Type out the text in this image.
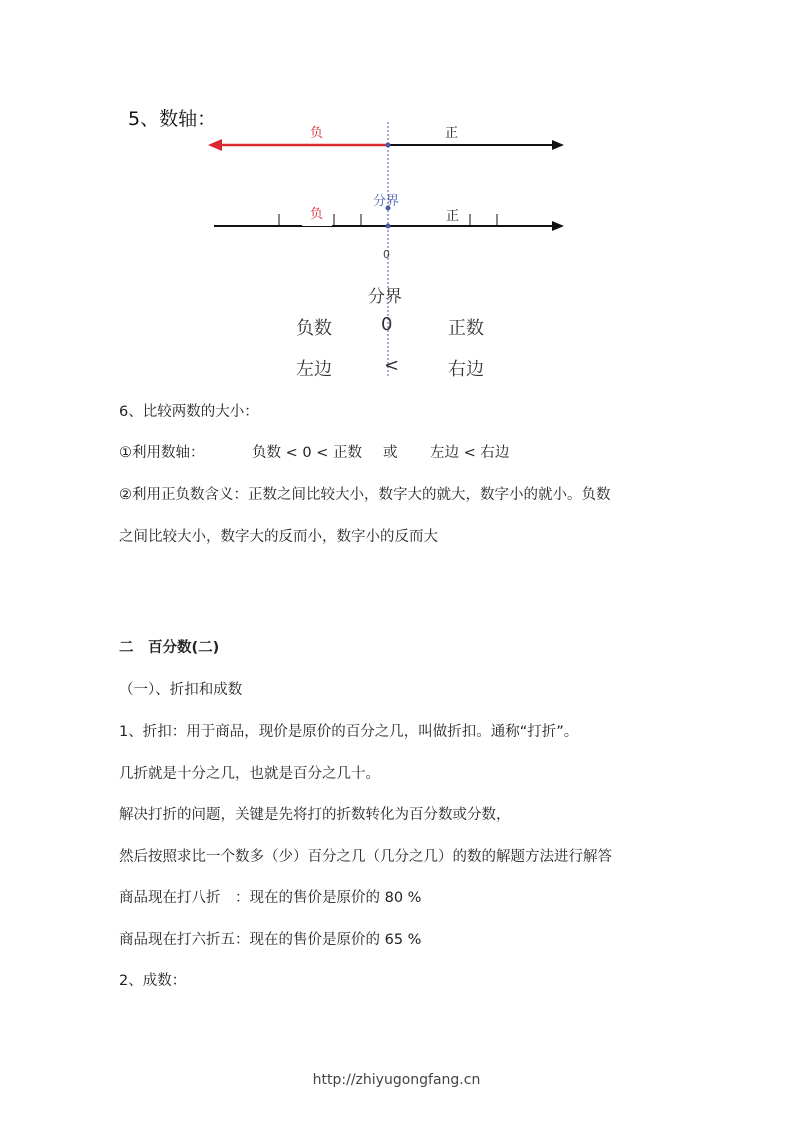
5、数轴：
负	正
负	正
分界
0
分界
负数	0	正数
左边	<	右边
6、比较两数的大小：
①利用数轴：	负数 < 0 < 正数 或 左边 < 右边
②利用正负数含义：正数之间比较大小，数字大的就大，数字小的就小。负数
之间比较大小，数字大的反而小，数字小的反而大
二　百分数(二)
（一）、折扣和成数
1、折扣：用于商品，现价是原价的百分之几，叫做折扣。通称“打折”。
几折就是十分之几，也就是百分之几十。
解决打折的问题，关键是先将打的折数转化为百分数或分数，
然后按照求比一个数多（少）百分之几（几分之几）的数的解题方法进行解答
商品现在打八折　：现在的售价是原价的 80 %
商品现在打六折五：现在的售价是原价的 65 %
2、成数：
http://zhiyugongfang.cn
